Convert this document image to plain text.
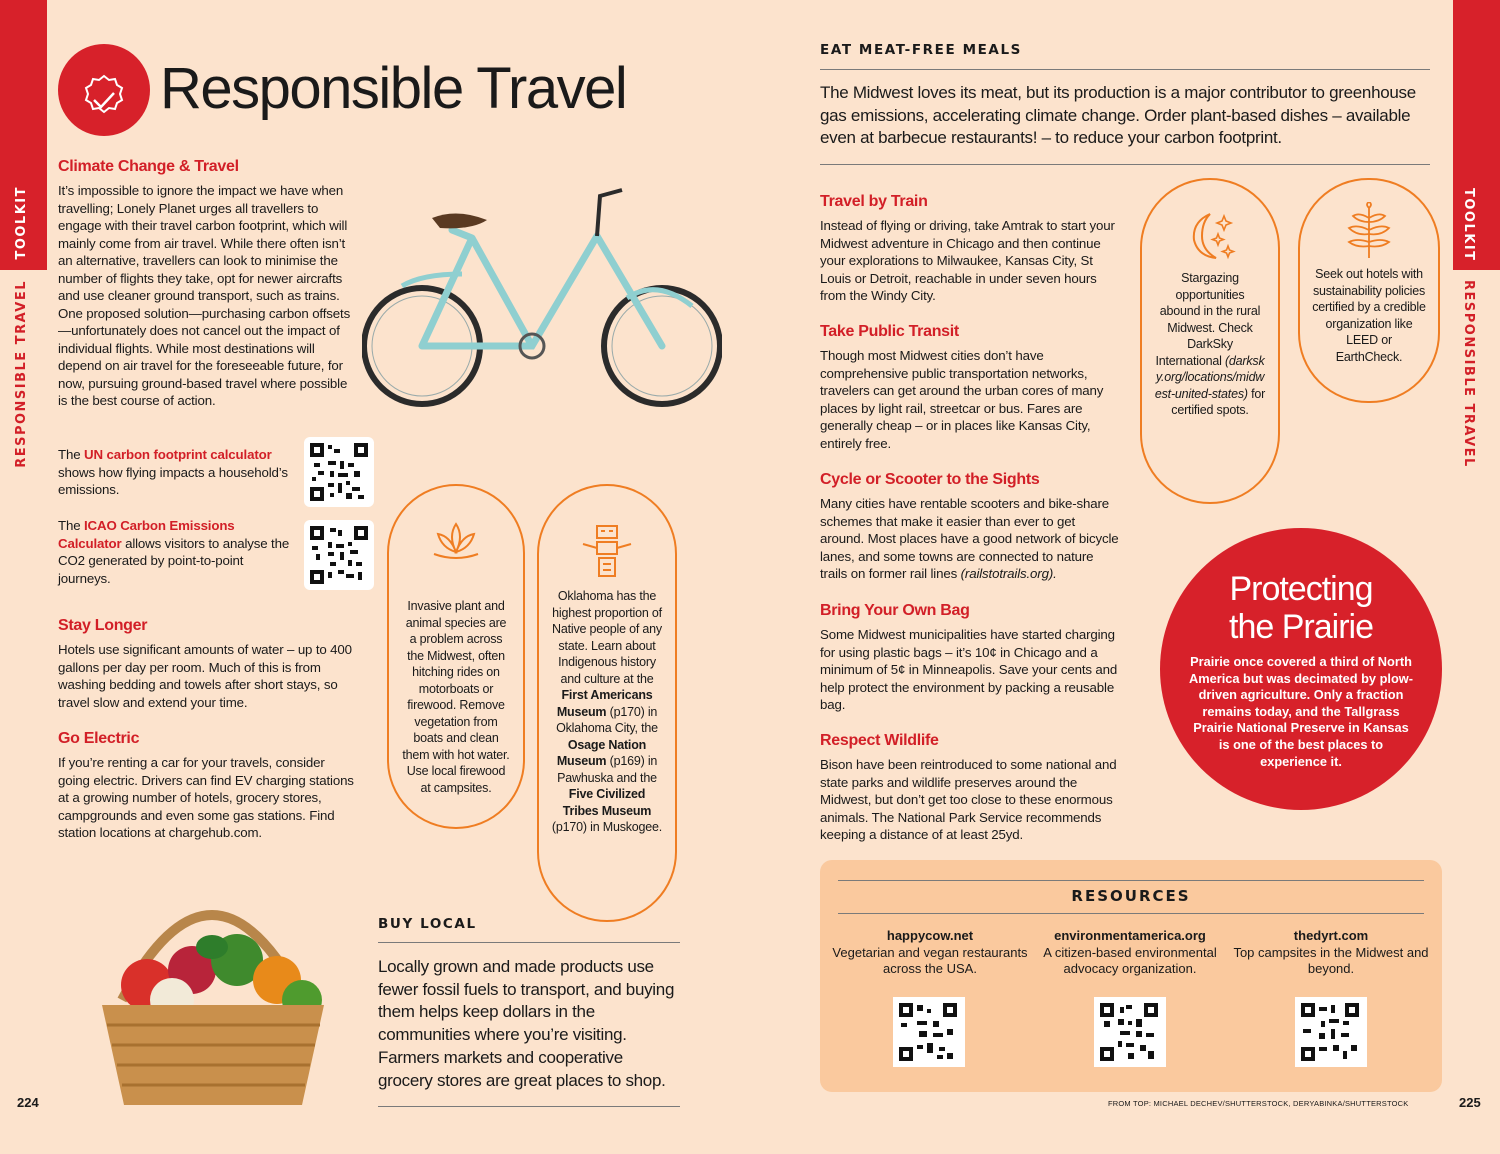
TOOLKIT
RESPONSIBLE TRAVEL
Responsible Travel

Climate Change & Travel

It’s impossible to ignore the impact we have when travelling; Lonely Planet urges all travellers to engage with their travel carbon footprint, which will mainly come from air travel. While there often isn’t an alternative, travellers can look to minimise the number of flights they take, opt for newer aircrafts and use cleaner ground transport, such as trains. One proposed solution—purchasing carbon offsets—unfortunately does not cancel out the impact of individual flights. While most destinations will depend on air travel for the foreseeable future, for now, pursuing ground-based travel where possible is the best course of action.

The UN carbon footprint calculator shows how flying impacts a household’s emissions.

The ICAO Carbon Emissions Calculator allows visitors to analyse the CO2 generated by point-to-point journeys.

Stay Longer

Hotels use significant amounts of water – up to 400 gallons per day per room. Much of this is from washing bedding and towels after short stays, so travel slow and extend your time.

Go Electric

If you’re renting a car for your travels, consider going electric. Drivers can find EV charging stations at a growing number of hotels, grocery stores, campgrounds and even some gas stations. Find station locations at chargehub.com.

Invasive plant and animal species are a problem across the Midwest, often hitching rides on motorboats or firewood. Remove vegetation from boats and clean them with hot water. Use local firewood at campsites.
Oklahoma has the highest proportion of Native people of any state. Learn about Indigenous history and culture at the First Americans Museum (p170) in Oklahoma City, the Osage Nation Museum (p169) in Pawhuska and the Five Civilized Tribes Museum (p170) in Muskogee.
BUY LOCAL
Locally grown and made products use fewer fossil fuels to transport, and buying them helps keep dollars in the communities where you’re visiting. Farmers markets and cooperative grocery stores are great places to shop.
224
TOOLKIT
RESPONSIBLE TRAVEL
EAT MEAT-FREE MEALS
The Midwest loves its meat, but its production is a major contributor to greenhouse gas emissions, accelerating climate change. Order plant-based dishes – available even at barbecue restaurants! – to reduce your carbon footprint.

Travel by Train

Instead of flying or driving, take Amtrak to start your Midwest adventure in Chicago and then continue your explorations to Milwaukee, Kansas City, St Louis or Detroit, reachable in under seven hours from the Windy City.

Take Public Transit

Though most Midwest cities don’t have comprehensive public transportation networks, travelers can get around the urban cores of many places by light rail, streetcar or bus. Fares are generally cheap – or in places like Kansas City, entirely free.

Cycle or Scooter to the Sights

Many cities have rentable scooters and bike-share schemes that make it easier than ever to get around. Most places have a good network of bicycle lanes, and some towns are connected to nature trails on former rail lines (railstotrails.org).

Bring Your Own Bag

Some Midwest municipalities have started charging for using plastic bags – it’s 10¢ in Chicago and a minimum of 5¢ in Minneapolis. Save your cents and help protect the environment by packing a reusable bag.

Respect Wildlife

Bison have been reintroduced to some national and state parks and wildlife preserves around the Midwest, but don’t get too close to these enormous animals. The National Park Service recommends keeping a distance of at least 25yd.

Stargazing opportunities abound in the rural Midwest. Check DarkSky International (darksky.org/locations/midwest-united-states) for certified spots.
Seek out hotels with sustainability policies certified by a credible organization like LEED or EarthCheck.
Protecting
the Prairie
Prairie once covered a third of North America but was decimated by plow-driven agriculture. Only a fraction remains today, and the Tallgrass Prairie National Preserve in Kansas is one of the best places to experience it.
RESOURCES
happycow.net
Vegetarian and vegan restaurants across the USA.
environmentamerica.org
A citizen-based environmental advocacy organization.
thedyrt.com
Top campsites in the Midwest and beyond.
FROM TOP: MICHAEL DECHEV/SHUTTERSTOCK, DERYABINKA/SHUTTERSTOCK	225
